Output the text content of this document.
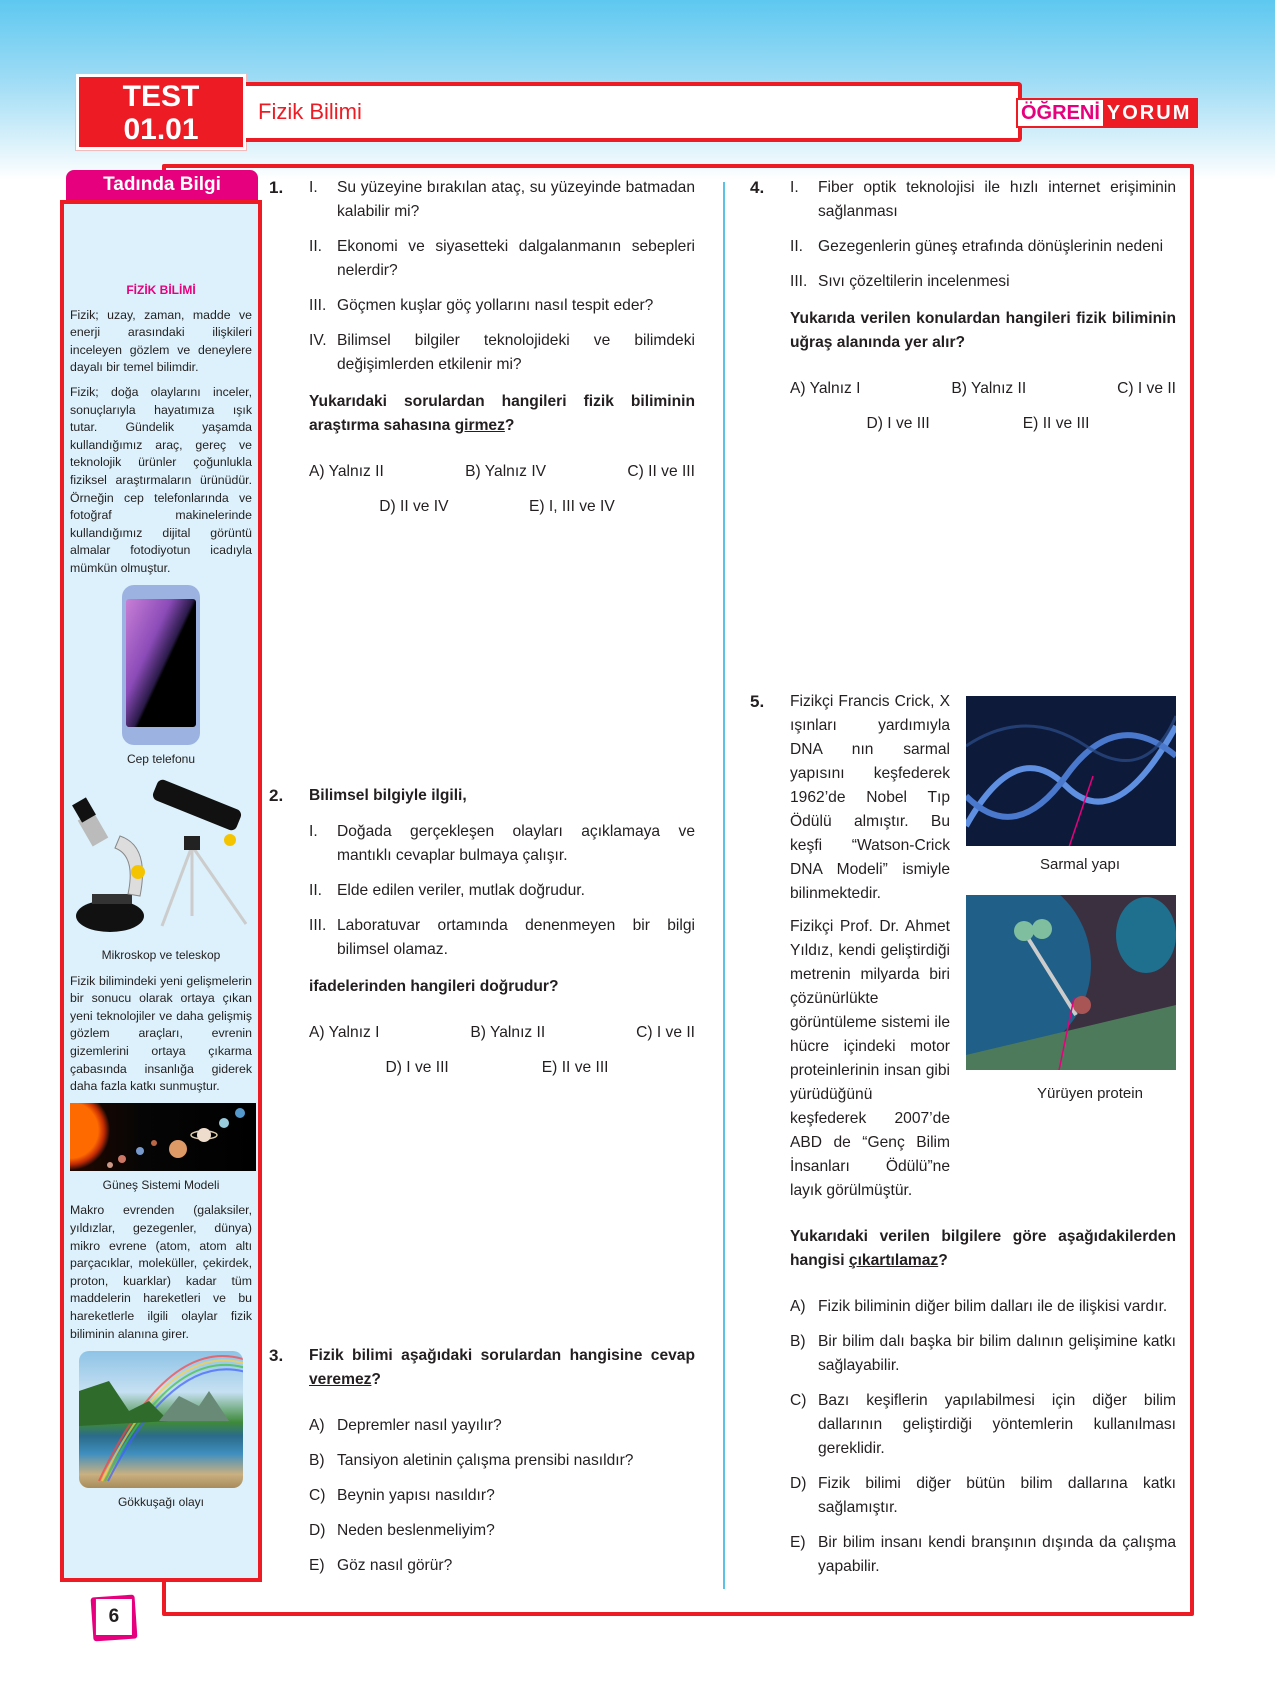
TEST
01.01
Fizik Bilimi	ÖĞRENİ YORUM
Tadında Bilgi
FİZİK BİLİMİ

Fizik; uzay, zaman, madde ve enerji arasındaki ilişkileri inceleyen gözlem ve deneylere dayalı bir temel bilimdir.

Fizik; doğa olaylarını inceler, sonuçlarıyla hayatımıza ışık tutar. Gündelik yaşamda kullandığımız araç, gereç ve teknolojik ürünler çoğunlukla fiziksel araştırmaların ürünüdür. Örneğin cep telefonlarında ve fotoğraf makinelerinde kullandığımız dijital görüntü almalar fotodiyotun icadıyla mümkün olmuştur.

Cep telefonu
Mikroskop ve teleskop

Fizik bilimindeki yeni gelişmelerin bir sonucu olarak ortaya çıkan yeni teknolojiler ve daha gelişmiş gözlem araçları, evrenin gizemlerini ortaya çıkarma çabasında insanlığa giderek daha fazla katkı sunmuştur.

Güneş Sistemi Modeli

Makro evrenden (galaksiler, yıldızlar, gezegenler, dünya) mikro evrene (atom, atom altı parçacıklar, moleküller, çekirdek, proton, kuarklar) kadar tüm maddelerin hareketleri ve bu hareketlerle ilgili olaylar fizik biliminin alanına girer.

Gökkuşağı olayı
6
1. I. Su yüzeyine bırakılan ataç, su yüzeyinde batmadan kalabilir mi?
II. Ekonomi ve siyasetteki dalgalanmanın sebepleri nelerdir?
III. Göçmen kuşlar göç yollarını nasıl tespit eder?
IV. Bilimsel bilgiler teknolojideki ve bilimdeki değişimlerden etkilenir mi?
Yukarıdaki sorulardan hangileri fizik biliminin araştırma sahasına girmez?
A) Yalnız II	B) Yalnız IV	C) II ve III
D) II ve IV	E) I, III ve IV
2. Bilimsel bilgiyle ilgili,
I. Doğada gerçekleşen olayları açıklamaya ve mantıklı cevaplar bulmaya çalışır.
II. Elde edilen veriler, mutlak doğrudur.
III. Laboratuvar ortamında denenmeyen bir bilgi bilimsel olamaz.
ifadelerinden hangileri doğrudur?
A) Yalnız I	B) Yalnız II	C) I ve II
D) I ve III	E) II ve III
3. Fizik bilimi aşağıdaki sorulardan hangisine cevap veremez?
A) Depremler nasıl yayılır?
B) Tansiyon aletinin çalışma prensibi nasıldır?
C) Beynin yapısı nasıldır?
D) Neden beslenmeliyim?
E) Göz nasıl görür?
4. I. Fiber optik teknolojisi ile hızlı internet erişiminin sağlanması
II. Gezegenlerin güneş etrafında dönüşlerinin nedeni
III. Sıvı çözeltilerin incelenmesi
Yukarıda verilen konulardan hangileri fizik biliminin uğraş alanında yer alır?
A) Yalnız I	B) Yalnız II	C) I ve II
D) I ve III	E) II ve III
5. Fizikçi Francis Crick, X ışınları yardımıyla DNA nın sarmal yapısını keşfederek 1962’de Nobel Tıp Ödülü almıştır. Bu keşfi “Watson-Crick DNA Modeli” ismiyle bilinmektedir.
Fizikçi Prof. Dr. Ahmet Yıldız, kendi geliştirdiği metrenin milyarda biri çözünürlükte görüntüleme sistemi ile hücre içindeki motor proteinlerinin insan gibi yürüdüğünü keşfederek 2007’de ABD de “Genç Bilim İnsanları Ödülü”ne layık görülmüştür.
Yukarıdaki verilen bilgilere göre aşağıdakilerden hangisi çıkartılamaz?
A) Fizik biliminin diğer bilim dalları ile de ilişkisi vardır.
B) Bir bilim dalı başka bir bilim dalının gelişimine katkı sağlayabilir.
C) Bazı keşiflerin yapılabilmesi için diğer bilim dallarının geliştirdiği yöntemlerin kullanılması gereklidir.
D) Fizik bilimi diğer bütün bilim dallarına katkı sağlamıştır.
E) Bir bilim insanı kendi branşının dışında da çalışma yapabilir.
Sarmal yapı
Yürüyen protein
